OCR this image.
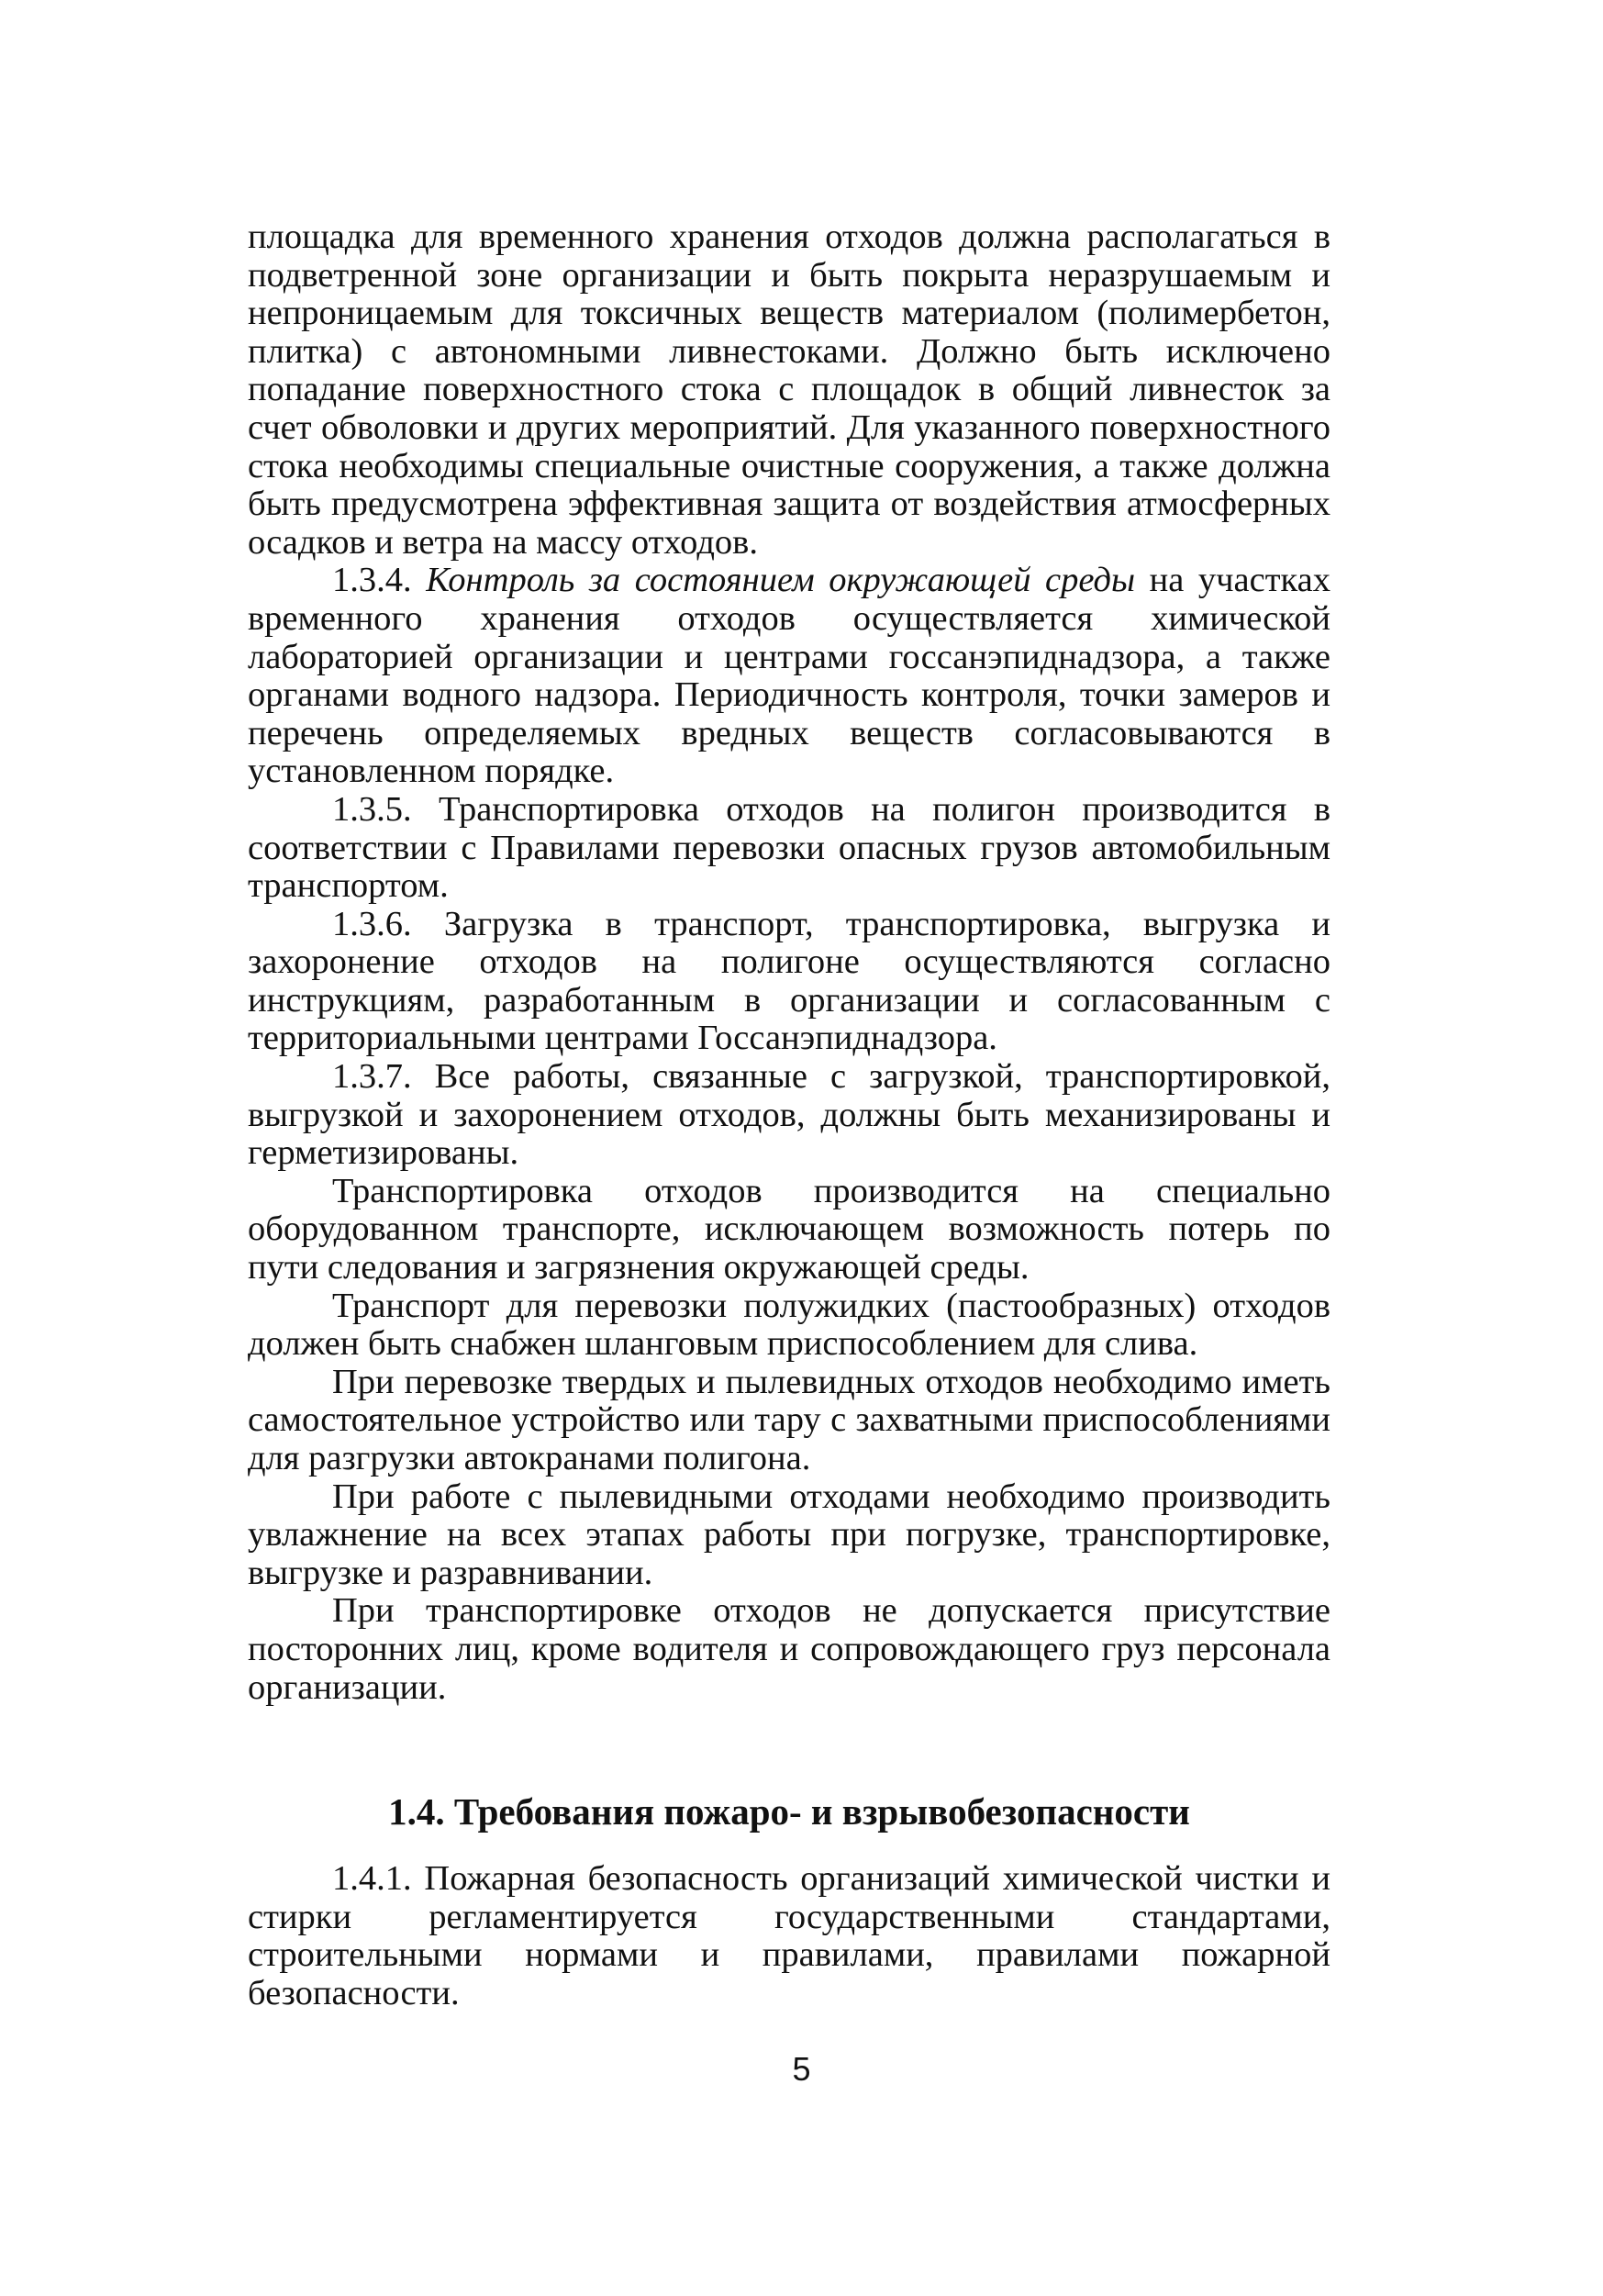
площадка для временного хранения отходов должна располагаться в подветренной зоне организации и быть покрыта неразрушаемым и непроницаемым для токсичных веществ материалом (полимербетон, плитка) с автономными ливнестоками. Должно быть исключено попадание поверхностного стока с площадок в общий ливнесток за счет обволовки и других мероприятий. Для указанного поверхностного стока необходимы специальные очистные сооружения, а также должна быть предусмотрена эффективная защита от воздействия атмосферных осадков и ветра на массу отходов.

1.3.4. Контроль за состоянием окружающей среды на участках временного хранения отходов осуществляется химической лабораторией организации и центрами госсанэпиднадзора, а также органами водного надзора. Периодичность контроля, точки замеров и перечень определяемых вредных веществ согласовываются в установленном порядке.

1.3.5. Транспортировка отходов на полигон производится в соответствии с Правилами перевозки опасных грузов автомобильным транспортом.

1.3.6. Загрузка в транспорт, транспортировка, выгрузка и захоронение отходов на полигоне осуществляются согласно инструкциям, разработанным в организации и согласованным с территориальными центрами Госсанэпиднадзора.

1.3.7. Все работы, связанные с загрузкой, транспортировкой, выгрузкой и захоронением отходов, должны быть механизированы и герметизированы.

Транспортировка отходов производится на специально оборудованном транспорте, исключающем возможность потерь по пути следования и загрязнения окружающей среды.

Транспорт для перевозки полужидких (пастообразных) отходов должен быть снабжен шланговым приспособлением для слива.

При перевозке твердых и пылевидных отходов необходимо иметь самостоятельное устройство или тару с захватными приспособлениями для разгрузки автокранами полигона.

При работе с пылевидными отходами необходимо производить увлажнение на всех этапах работы при погрузке, транспортировке, выгрузке и разравнивании.

При транспортировке отходов не допускается присутствие посторонних лиц, кроме водителя и сопровождающего груз персонала организации.

1.4. Требования пожаро- и взрывобезопасности

1.4.1. Пожарная безопасность организаций химической чистки и стирки регламентируется государственными стандартами, строительными нормами и правилами, правилами пожарной безопасности.

5
